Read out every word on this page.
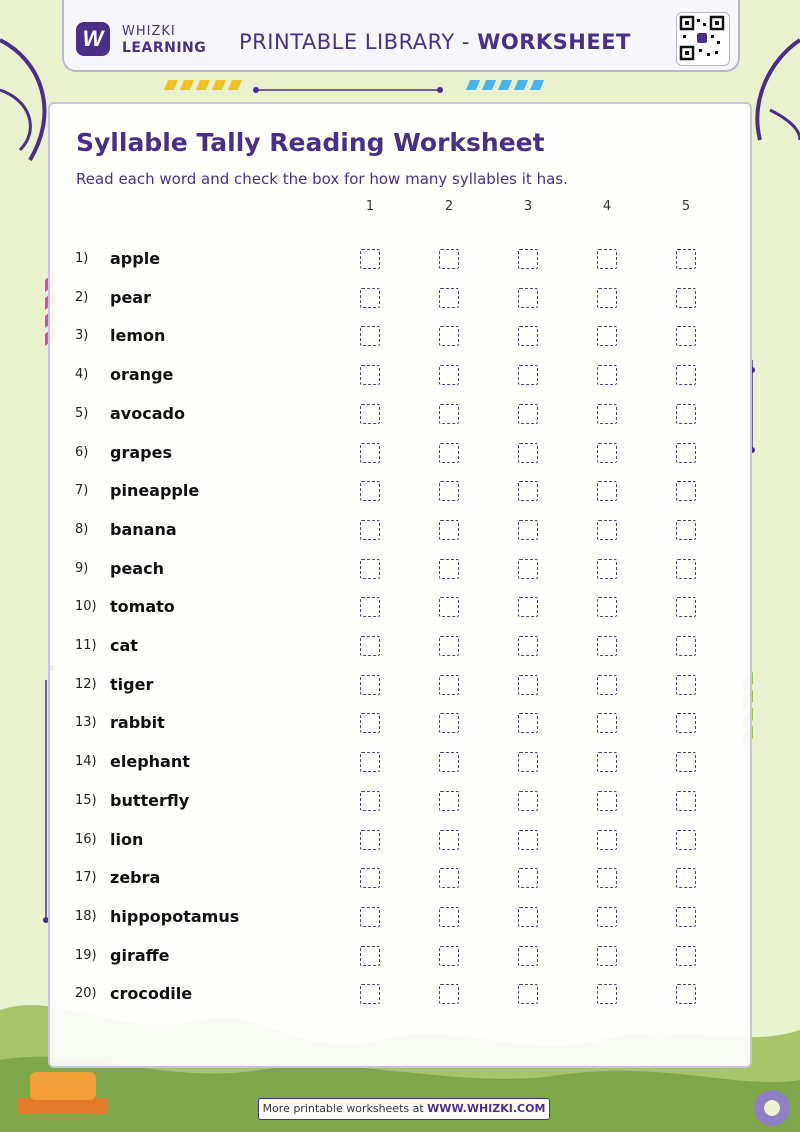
W	WHIZKI
LEARNING PRINTABLE LIBRARY - WORKSHEET
Syllable Tally Reading Worksheet
Read each word and check the box for how many syllables it has.
1	2	3	4	5
1)	apple
2)	pear
3)	lemon
4)	orange
5)	avocado
6)	grapes
7)	pineapple
8)	banana
9)	peach
10) tomato
11) cat
12) tiger
13) rabbit
14) elephant
15) butterfly
16) lion
17) zebra
18) hippopotamus
19) giraffe
20) crocodile
More printable worksheets at WWW.WHIZKI.COM
